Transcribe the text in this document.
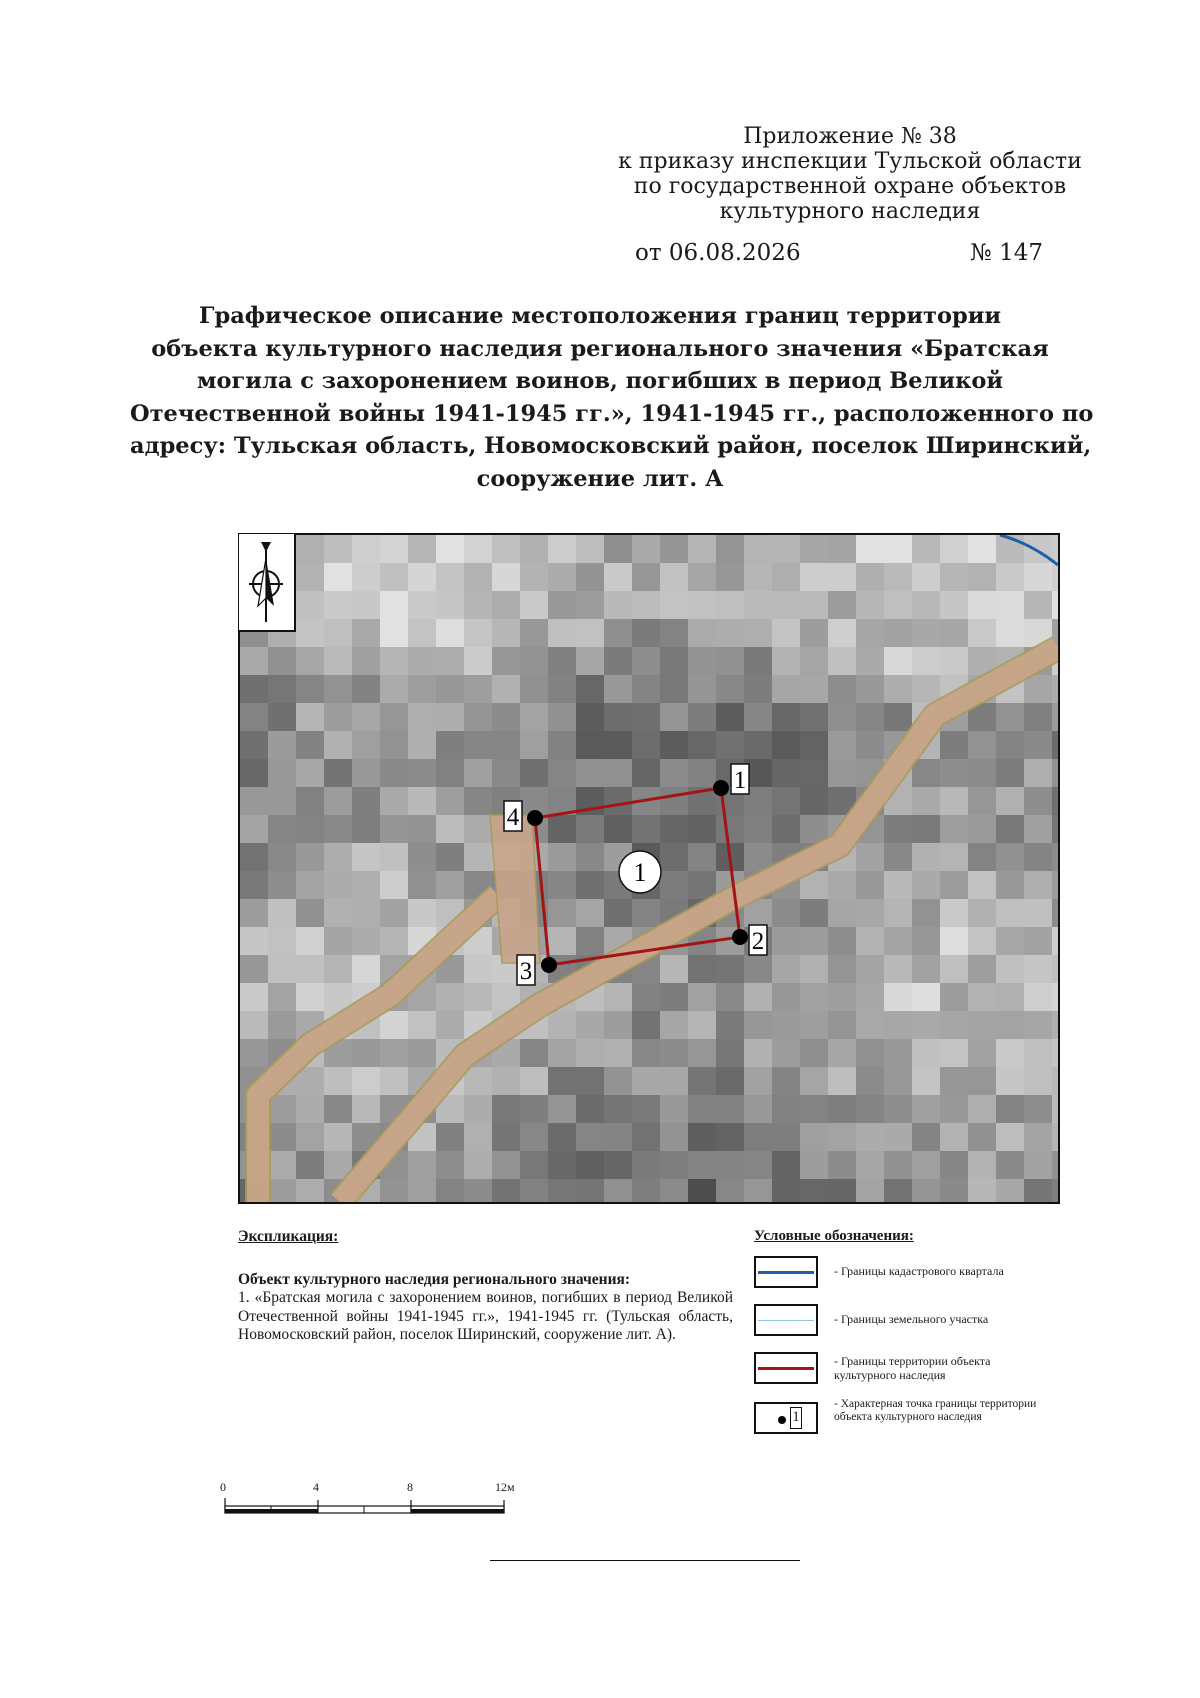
Приложение № 38
к приказу инспекции Тульской области
по государственной охране объектов
культурного наследия
от 06.08.2026	№ 147
Графическое описание местоположения границ территории
объекта культурного наследия регионального значения «Братская
могила с захоронением воинов, погибших в период Великой
Отечественной войны 1941-1945 гг.», 1941-1945 гг., расположенного по
адресу: Тульская область, Новомосковский район, поселок Ширинский,
сооружение лит. А
1
1
2
3
4
Экспликация:
Объект культурного наследия регионального значения:
1. «Братская могила с захоронением воинов, погибших в период Великой Отечественной войны 1941-1945 гг.», 1941-1945 гг. (Тульская область, Новомосковский район, поселок Ширинский, сооружение лит. А).
Условные обозначения:
- Границы кадастрового квартала
- Границы земельного участка
- Границы территории объекта культурного наследия
1
- Характерная точка границы территории объекта культурного наследия
0	4	8	12м
